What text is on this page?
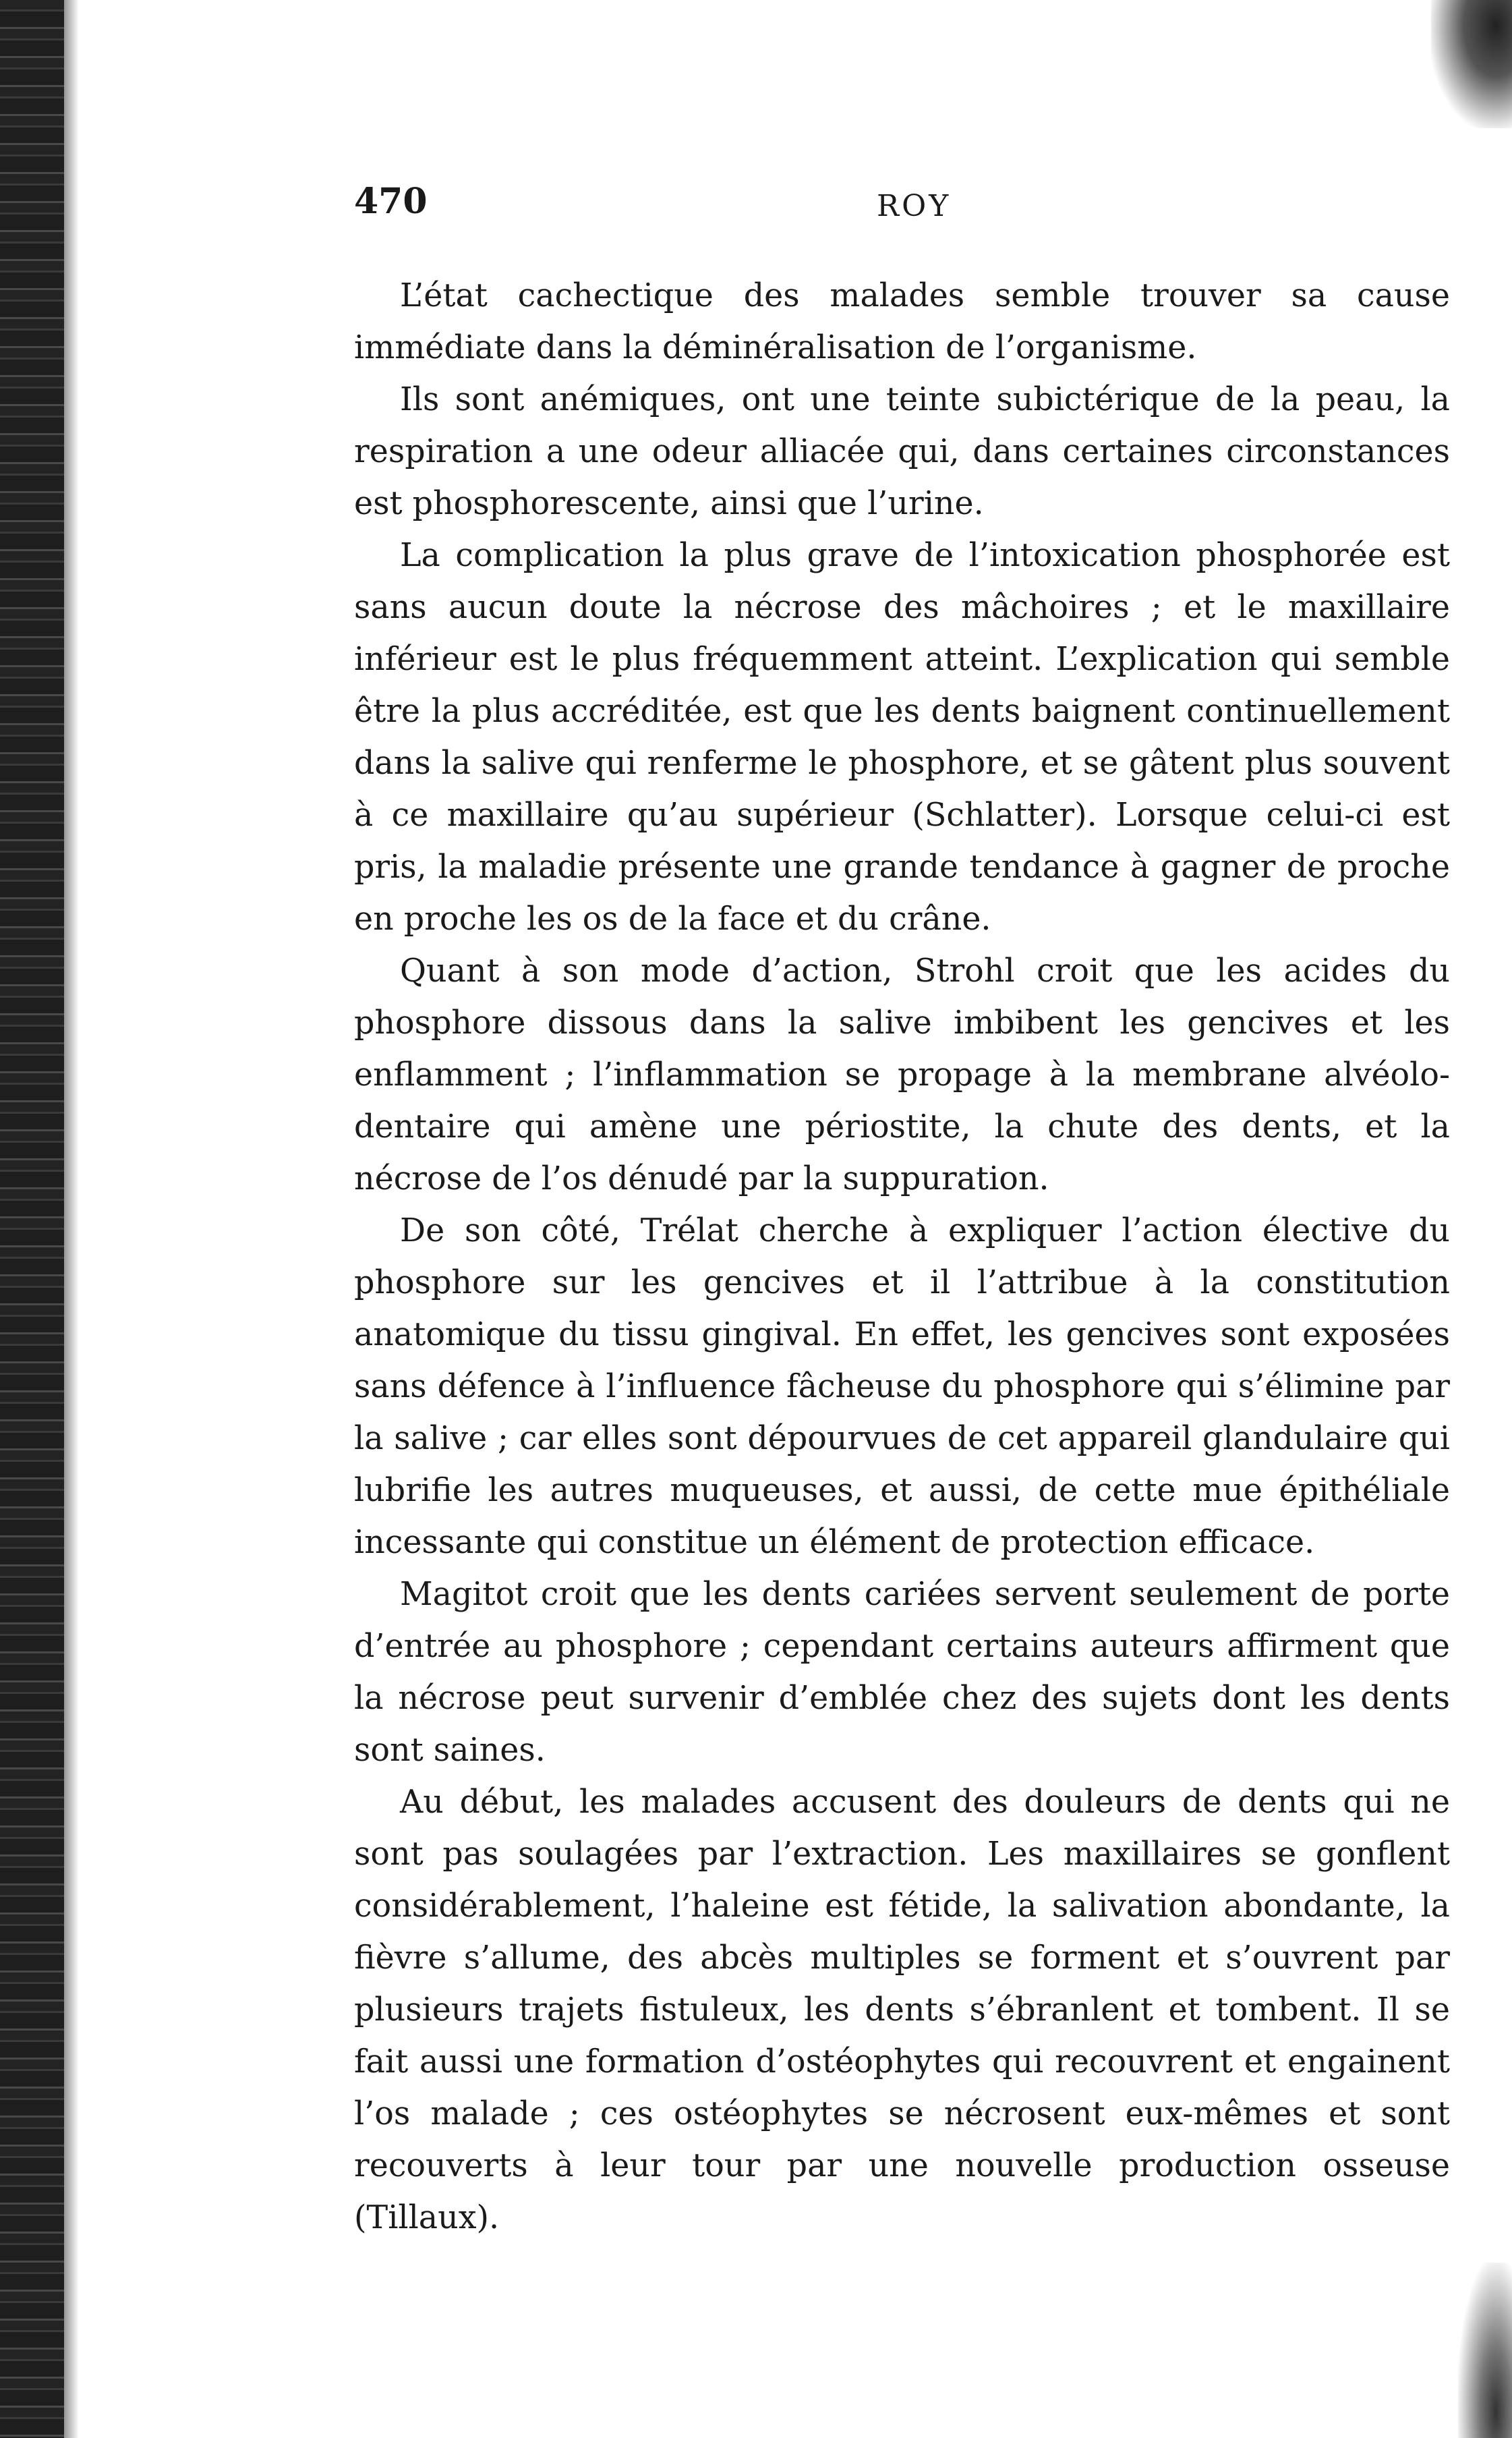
470	ROY

L’état cachectique des malades semble trouver sa cause immédiate dans la déminéralisation de l’organisme.

Ils sont anémiques, ont une teinte subictérique de la peau, la respiration a une odeur alliacée qui, dans certaines circonstances est phosphorescente, ainsi que l’urine.

La complication la plus grave de l’intoxication phosphorée est sans aucun doute la nécrose des mâchoires ; et le maxillaire inférieur est le plus fréquemment atteint. L’explication qui semble être la plus accréditée, est que les dents baignent continuellement dans la salive qui renferme le phosphore, et se gâtent plus souvent à ce maxillaire qu’au supérieur (Schlatter). Lorsque celui-ci est pris, la maladie présente une grande tendance à gagner de proche en proche les os de la face et du crâne.

Quant à son mode d’action, Strohl croit que les acides du phosphore dissous dans la salive imbibent les gencives et les enflamment ; l’inflammation se propage à la membrane alvéolo-dentaire qui amène une périostite, la chute des dents, et la nécrose de l’os dénudé par la suppuration.

De son côté, Trélat cherche à expliquer l’action élective du phosphore sur les gencives et il l’attribue à la constitution anatomique du tissu gingival. En effet, les gencives sont exposées sans défence à l’influence fâcheuse du phosphore qui s’élimine par la salive ; car elles sont dépourvues de cet appareil glandulaire qui lubrifie les autres muqueuses, et aussi, de cette mue épithéliale incessante qui constitue un élément de protection efficace.

Magitot croit que les dents cariées servent seulement de porte d’entrée au phosphore ; cependant certains auteurs affirment que la nécrose peut survenir d’emblée chez des sujets dont les dents sont saines.

Au début, les malades accusent des douleurs de dents qui ne sont pas soulagées par l’extraction. Les maxillaires se gonflent considérablement, l’haleine est fétide, la salivation abondante, la fièvre s’allume, des abcès multiples se forment et s’ouvrent par plusieurs trajets fistuleux, les dents s’ébranlent et tombent. Il se fait aussi une formation d’ostéophytes qui recouvrent et engainent l’os malade ; ces ostéophytes se nécrosent eux-mêmes et sont recouverts à leur tour par une nouvelle production osseuse (Tillaux).
